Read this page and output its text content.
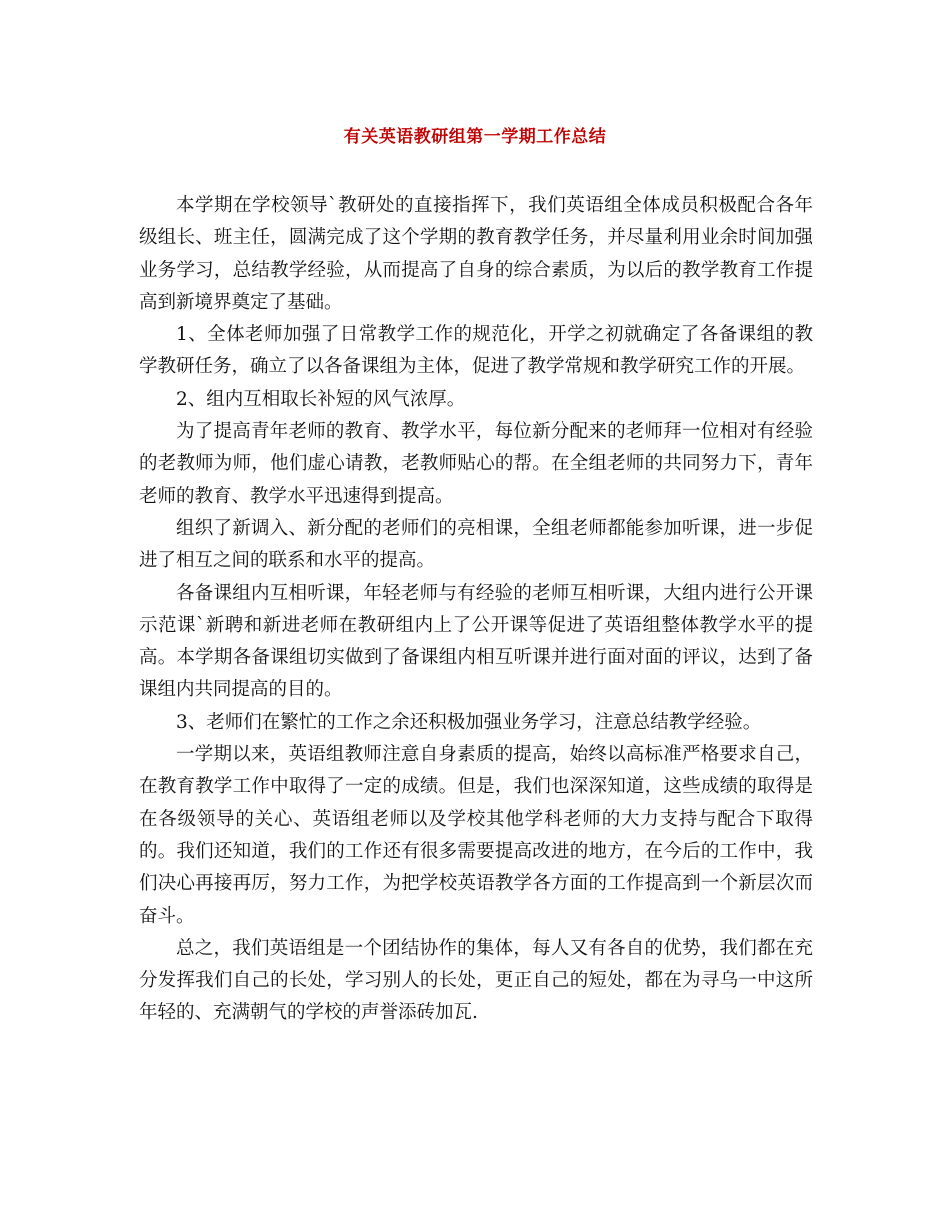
有关英语教研组第一学期工作总结

本学期在学校领导`教研处的直接指挥下，我们英语组全体成员积极配合各年级组长、班主任，圆满完成了这个学期的教育教学任务，并尽量利用业余时间加强业务学习，总结教学经验，从而提高了自身的综合素质，为以后的教学教育工作提高到新境界奠定了基础。

1、全体老师加强了日常教学工作的规范化，开学之初就确定了各备课组的教学教研任务，确立了以各备课组为主体，促进了教学常规和教学研究工作的开展。

2、组内互相取长补短的风气浓厚。

为了提高青年老师的教育、教学水平，每位新分配来的老师拜一位相对有经验的老教师为师，他们虚心请教，老教师贴心的帮。在全组老师的共同努力下，青年老师的教育、教学水平迅速得到提高。

组织了新调入、新分配的老师们的亮相课，全组老师都能参加听课，进一步促进了相互之间的联系和水平的提高。

各备课组内互相听课，年轻老师与有经验的老师互相听课，大组内进行公开课示范课`新聘和新进老师在教研组内上了公开课等促进了英语组整体教学水平的提高。本学期各备课组切实做到了备课组内相互听课并进行面对面的评议，达到了备课组内共同提高的目的。

3、老师们在繁忙的工作之余还积极加强业务学习，注意总结教学经验。

一学期以来，英语组教师注意自身素质的提高，始终以高标准严格要求自己，在教育教学工作中取得了一定的成绩。但是，我们也深深知道，这些成绩的取得是在各级领导的关心、英语组老师以及学校其他学科老师的大力支持与配合下取得的。我们还知道，我们的工作还有很多需要提高改进的地方，在今后的工作中，我们决心再接再厉，努力工作，为把学校英语教学各方面的工作提高到一个新层次而奋斗。

总之，我们英语组是一个团结协作的集体，每人又有各自的优势，我们都在充分发挥我们自己的长处，学习别人的长处，更正自己的短处，都在为寻乌一中这所年轻的、充满朝气的学校的声誉添砖加瓦.
